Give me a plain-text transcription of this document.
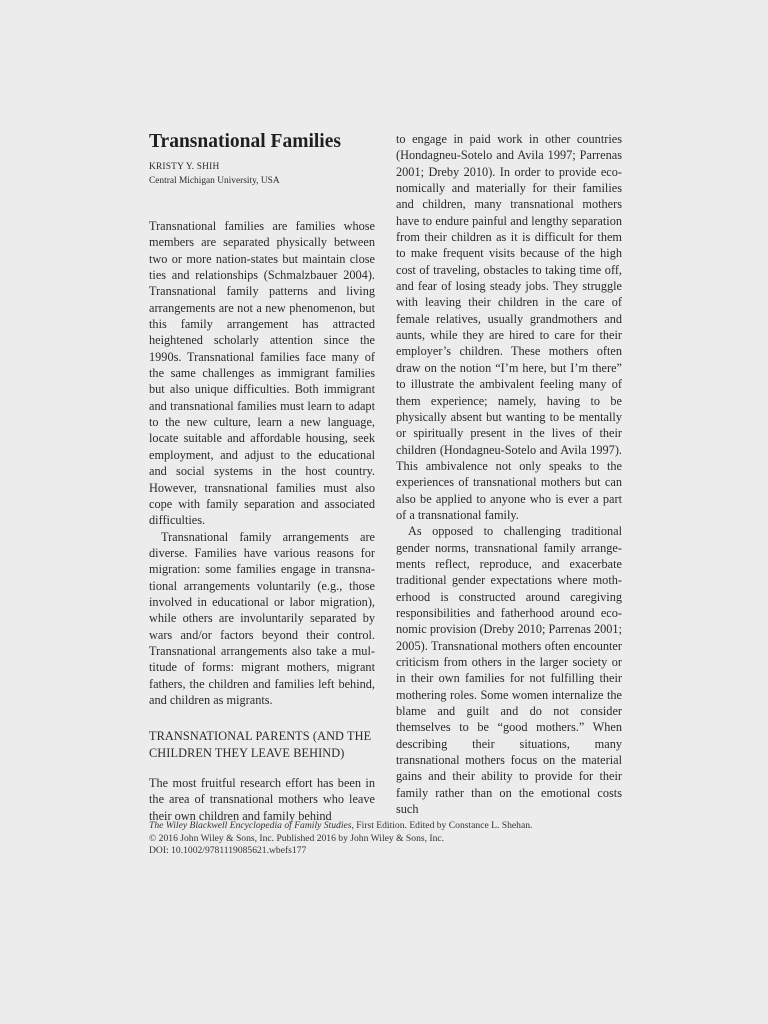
Transnational Families
KRISTY Y. SHIH
Central Michigan University, USA

Transnational families are families whose members are separated physically between two or more nation-states but maintain close ties and relationships (Schmalzbauer 2004). Transnational family patterns and living arrangements are not a new phenomenon, but this family arrangement has attracted heightened scholarly attention since the 1990s. Transnational families face many of the same challenges as immigrant families but also unique difficulties. Both immigrant and transnational families must learn to adapt to the new culture, learn a new language, locate suitable and affordable housing, seek employment, and adjust to the educational and social systems in the host country. However, transnational families must also cope with family separation and associated difficulties.

Transnational family arrangements are diverse. Families have various reasons for migration: some families engage in transnational arrangements voluntarily (e.g., those involved in educational or labor migration), while others are involuntarily separated by wars and/or factors beyond their control. Transnational arrangements also take a multitude of forms: migrant mothers, migrant fathers, the children and families left behind, and children as migrants.

TRANSNATIONAL PARENTS (AND THE CHILDREN THEY LEAVE BEHIND)

The most fruitful research effort has been in the area of transnational mothers who leave their own children and family behind

to engage in paid work in other countries (Hondagneu-Sotelo and Avila 1997; Parrenas 2001; Dreby 2010). In order to provide economically and materially for their families and children, many transnational mothers have to endure painful and lengthy separation from their children as it is difficult for them to make frequent visits because of the high cost of traveling, obstacles to taking time off, and fear of losing steady jobs. They struggle with leaving their children in the care of female relatives, usually grandmothers and aunts, while they are hired to care for their employer’s children. These mothers often draw on the notion “I’m here, but I’m there” to illustrate the ambivalent feeling many of them experience; namely, having to be physically absent but wanting to be mentally or spiritually present in the lives of their children (Hondagneu-Sotelo and Avila 1997). This ambivalence not only speaks to the experiences of transnational mothers but can also be applied to anyone who is ever a part of a transnational family.

As opposed to challenging traditional gender norms, transnational family arrangements reflect, reproduce, and exacerbate traditional gender expectations where motherhood is constructed around caregiving responsibilities and fatherhood around economic provision (Dreby 2010; Parrenas 2001; 2005). Transnational mothers often encounter criticism from others in the larger society or in their own families for not fulfilling their mothering roles. Some women internalize the blame and guilt and do not consider themselves to be “good mothers.” When describing their situations, many transnational mothers focus on the material gains and their ability to provide for their family rather than on the emotional costs such

The Wiley Blackwell Encyclopedia of Family Studies, First Edition. Edited by Constance L. Shehan.
© 2016 John Wiley & Sons, Inc. Published 2016 by John Wiley & Sons, Inc.
DOI: 10.1002/9781119085621.wbefs177
